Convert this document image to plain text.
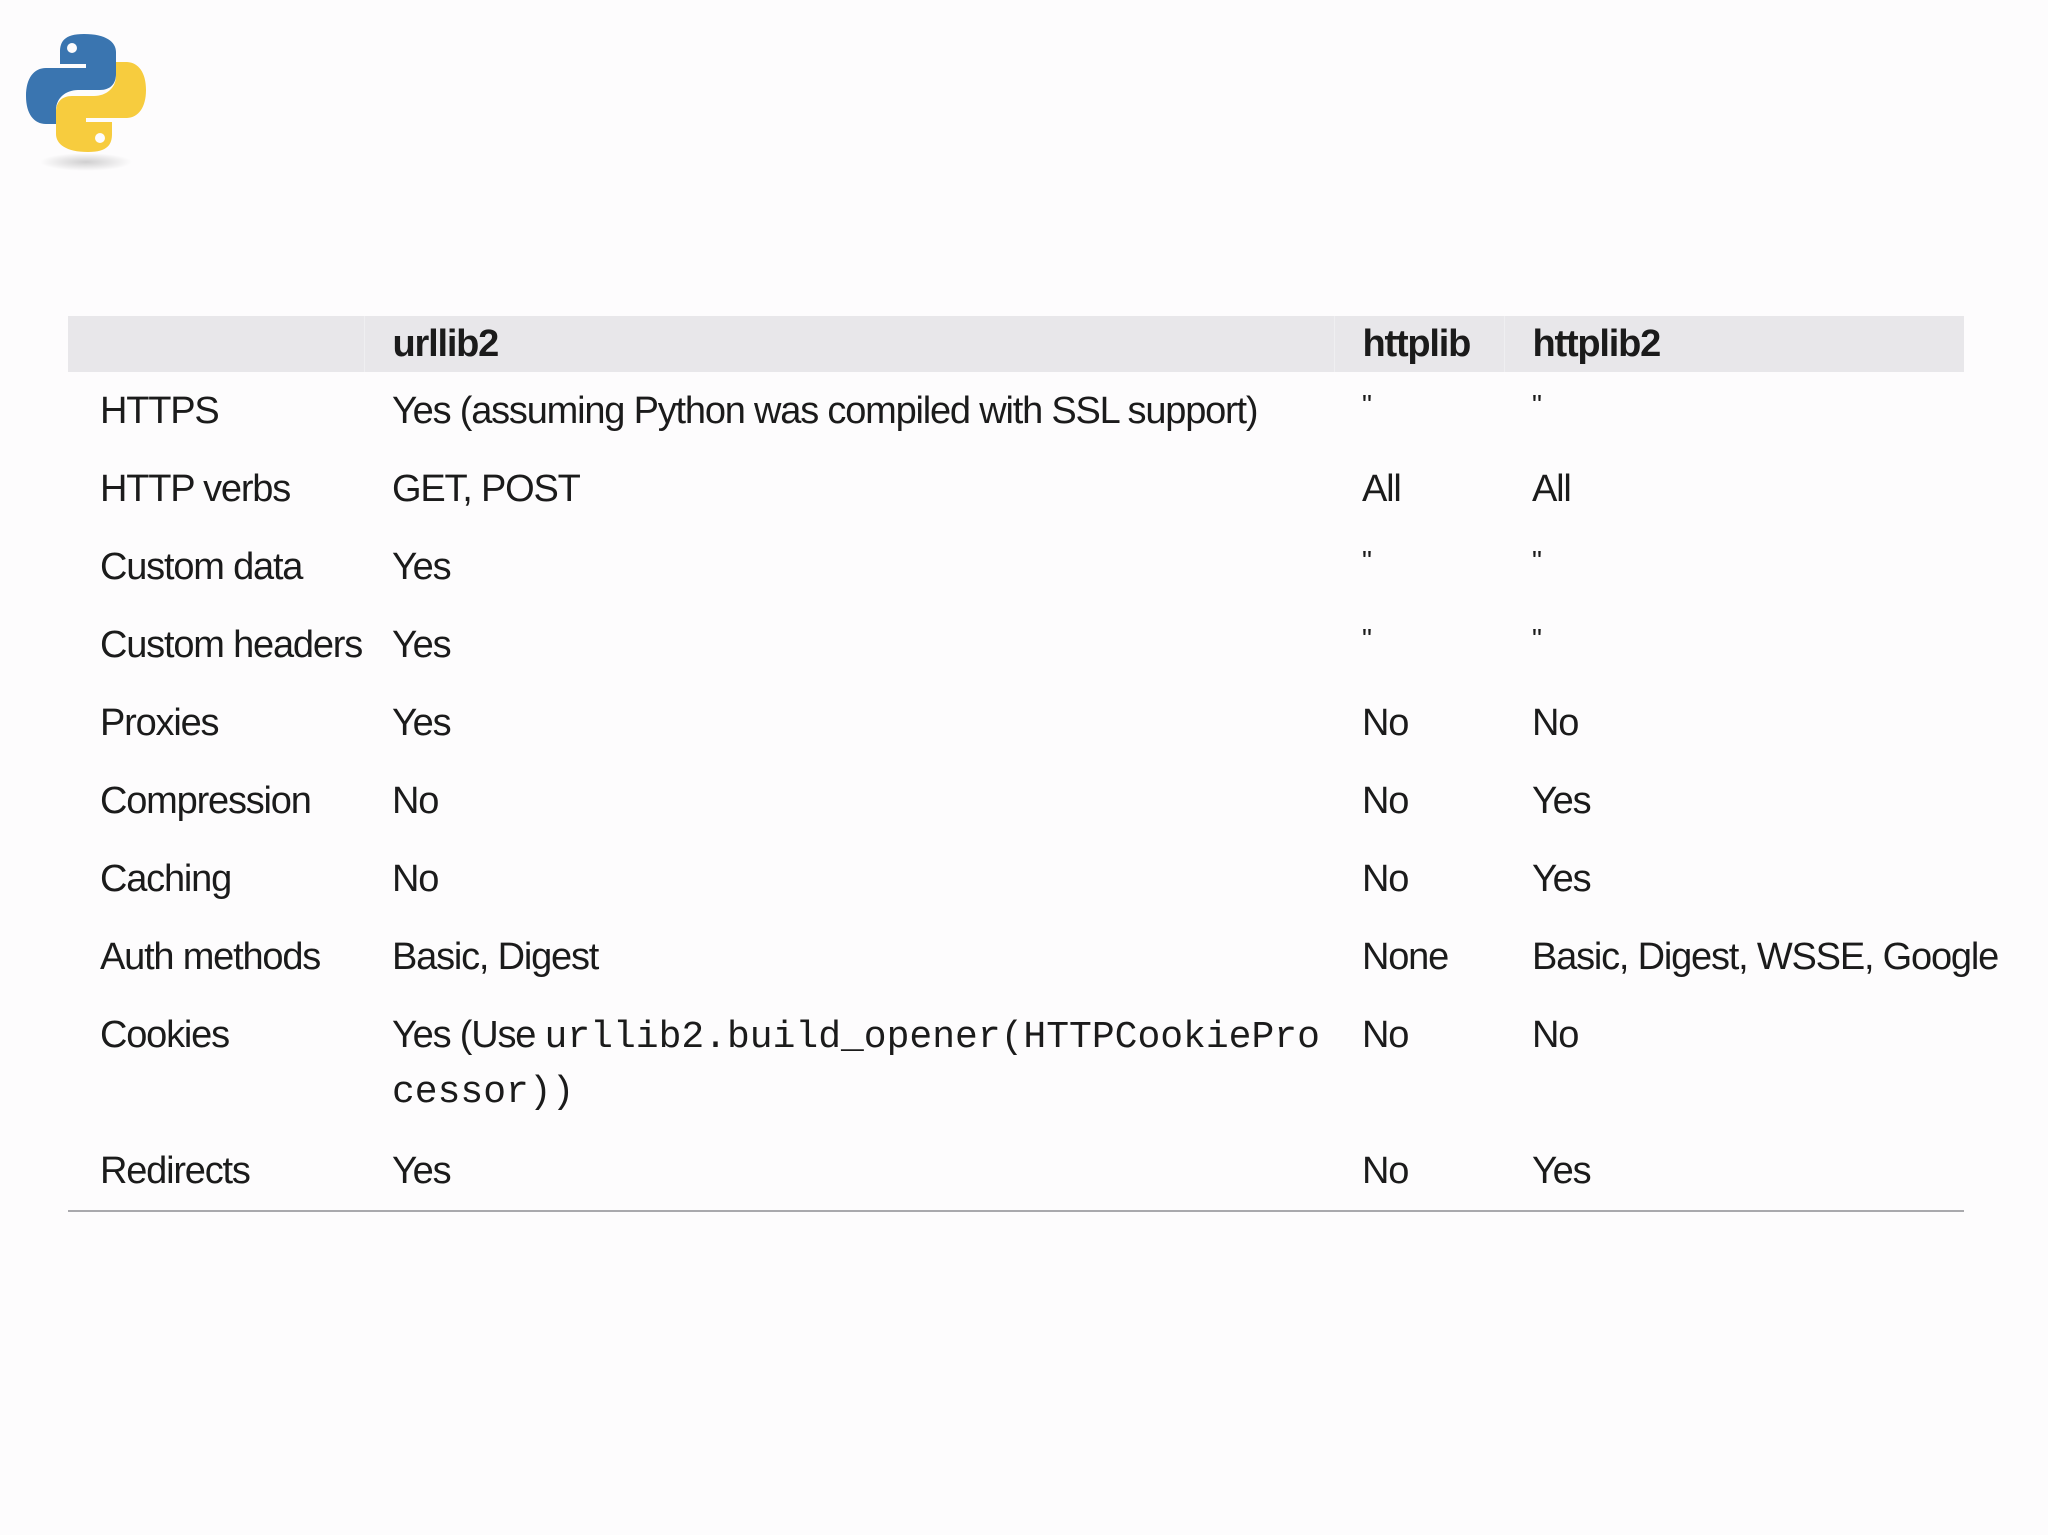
	urllib2	httplib	httplib2
HTTPS	Yes (assuming Python was compiled with SSL support)	"	"
HTTP verbs	GET, POST	All	All
Custom data	Yes	"	"
Custom headers	Yes	"	"
Proxies	Yes	No	No
Compression	No	No	Yes
Caching	No	No	Yes
Auth methods	Basic, Digest	None	Basic, Digest, WSSE, Google
Cookies	Yes (Use urllib2.build_opener(HTTPCookieProcessor))	No	No
Redirects	Yes	No	Yes
